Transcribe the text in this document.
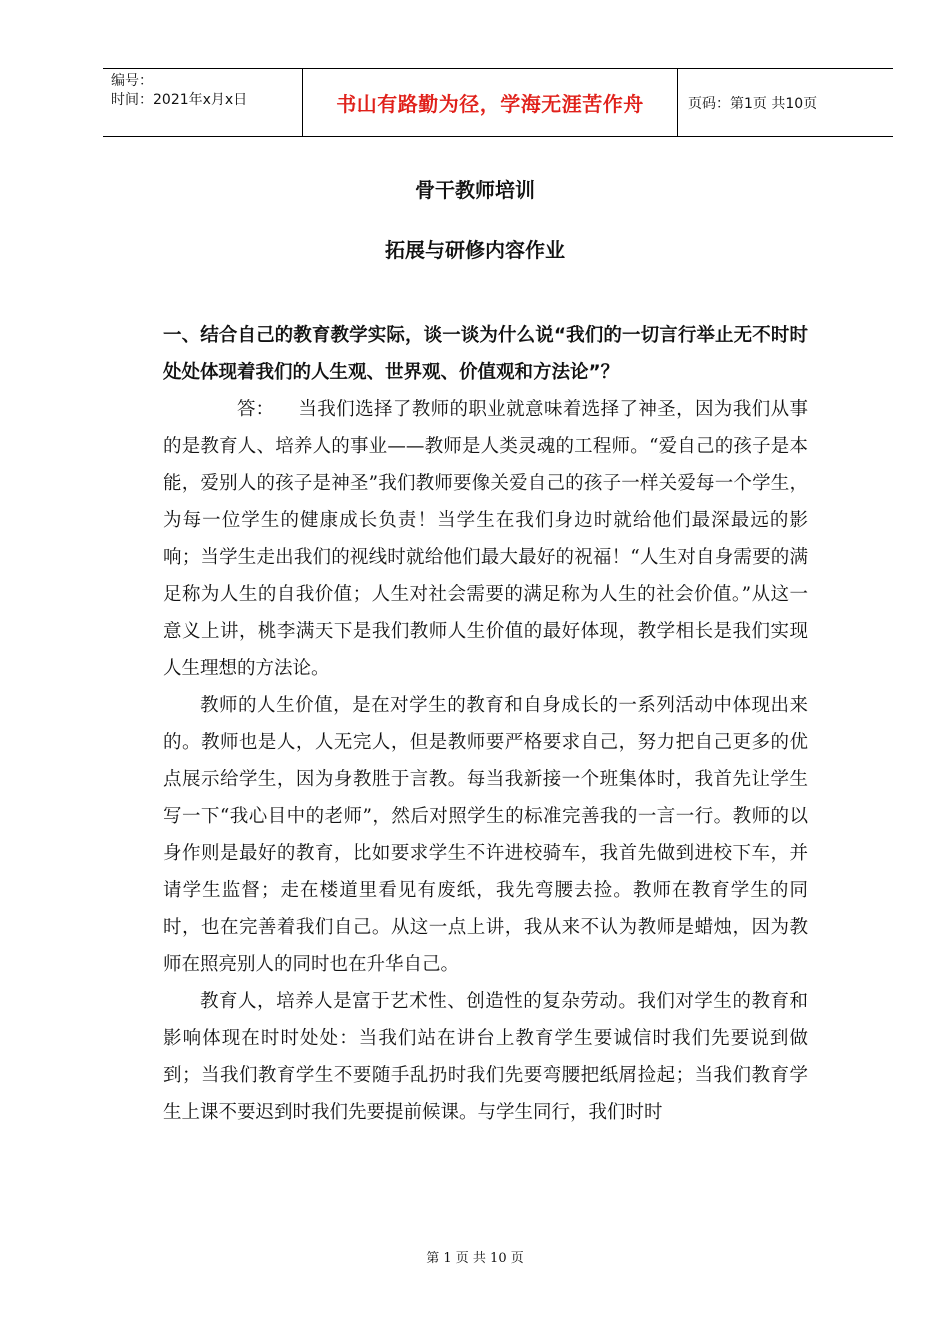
编号：
时间：2021年x月x日	书山有路勤为径，学海无涯苦作舟	页码：第1页 共10页
骨干教师培训
拓展与研修内容作业

一、结合自己的教育教学实际，谈一谈为什么说“我们的一切言行举止无不时时处处体现着我们的人生观、世界观、价值观和方法论”？

答： 当我们选择了教师的职业就意味着选择了神圣，因为我们从事的是教育人、培养人的事业——教师是人类灵魂的工程师。“爱自己的孩子是本能，爱别人的孩子是神圣”我们教师要像关爱自己的孩子一样关爱每一个学生，为每一位学生的健康成长负责！当学生在我们身边时就给他们最深最远的影响；当学生走出我们的视线时就给他们最大最好的祝福！“人生对自身需要的满足称为人生的自我价值；人生对社会需要的满足称为人生的社会价值。”从这一意义上讲，桃李满天下是我们教师人生价值的最好体现，教学相长是我们实现人生理想的方法论。

教师的人生价值，是在对学生的教育和自身成长的一系列活动中体现出来的。教师也是人，人无完人，但是教师要严格要求自己，努力把自己更多的优点展示给学生，因为身教胜于言教。每当我新接一个班集体时，我首先让学生写一下“我心目中的老师”，然后对照学生的标准完善我的一言一行。教师的以身作则是最好的教育，比如要求学生不许进校骑车，我首先做到进校下车，并请学生监督；走在楼道里看见有废纸，我先弯腰去捡。教师在教育学生的同时，也在完善着我们自己。从这一点上讲，我从来不认为教师是蜡烛，因为教师在照亮别人的同时也在升华自己。

教育人，培养人是富于艺术性、创造性的复杂劳动。我们对学生的教育和影响体现在时时处处：当我们站在讲台上教育学生要诚信时我们先要说到做到；当我们教育学生不要随手乱扔时我们先要弯腰把纸屑捡起；当我们教育学生上课不要迟到时我们先要提前候课。与学生同行，我们时时

第 1 页 共 10 页
